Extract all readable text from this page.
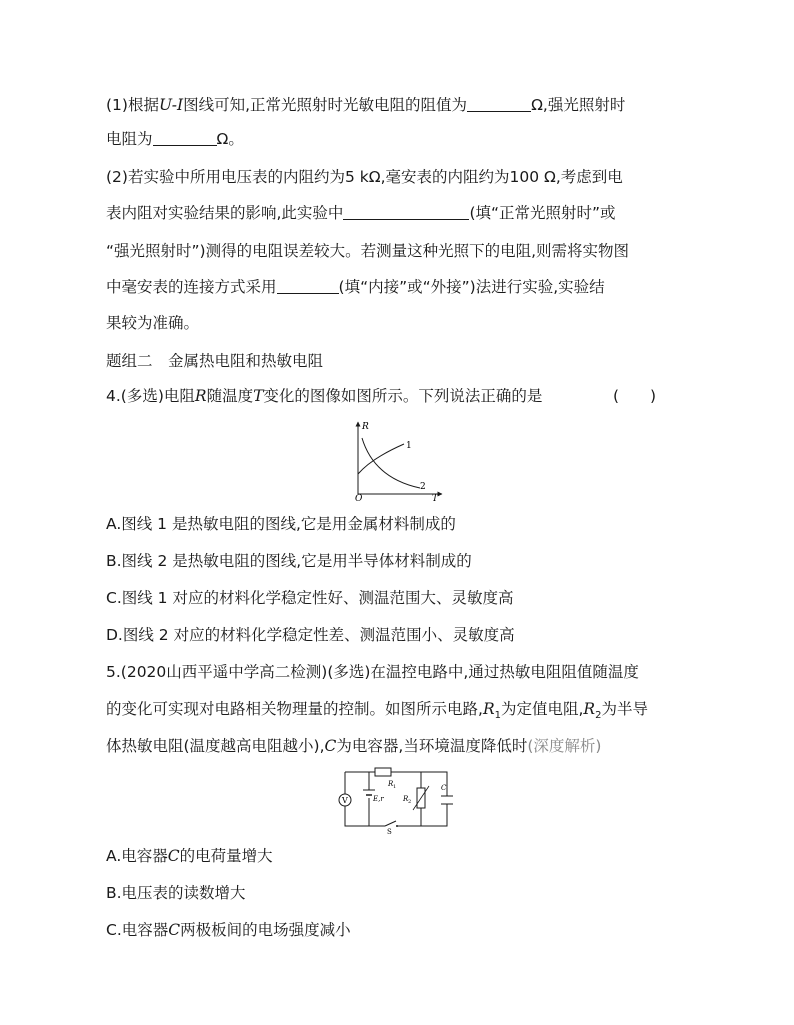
(1)根据U-I图线可知,正常光照射时光敏电阻的阻值为	Ω,强光照射时
电阻为	Ω。
(2)若实验中所用电压表的内阻约为5 kΩ,毫安表的内阻约为100 Ω,考虑到电
表内阻对实验结果的影响,此实验中	(填“正常光照射时”或
“强光照射时”)测得的电阻误差较大。若测量这种光照下的电阻,则需将实物图
中毫安表的连接方式采用	(填“内接”或“外接”)法进行实验,实验结
果较为准确。
题组二　金属热电阻和热敏电阻
4.(多选)电阻R随温度T变化的图像如图所示。下列说法正确的是	(　　)
R
T
O
1
2
A.图线 1 是热敏电阻的图线,它是用金属材料制成的
B.图线 2 是热敏电阻的图线,它是用半导体材料制成的
C.图线 1 对应的材料化学稳定性好、测温范围大、灵敏度高
D.图线 2 对应的材料化学稳定性差、测温范围小、灵敏度高
5.(2020山西平遥中学高二检测)(多选)在温控电路中,通过热敏电阻阻值随温度
的变化可实现对电路相关物理量的控制。如图所示电路$,R_1$为定值电阻$,R_2$为半导
体热敏电阻(温度越高电阻越小),C为电容器,当环境温度降低时(深度解析)
V	E,r
R 1
R 2
C
S
A.电容器C的电荷量增大
B.电压表的读数增大
C.电容器C两极板间的电场强度减小
